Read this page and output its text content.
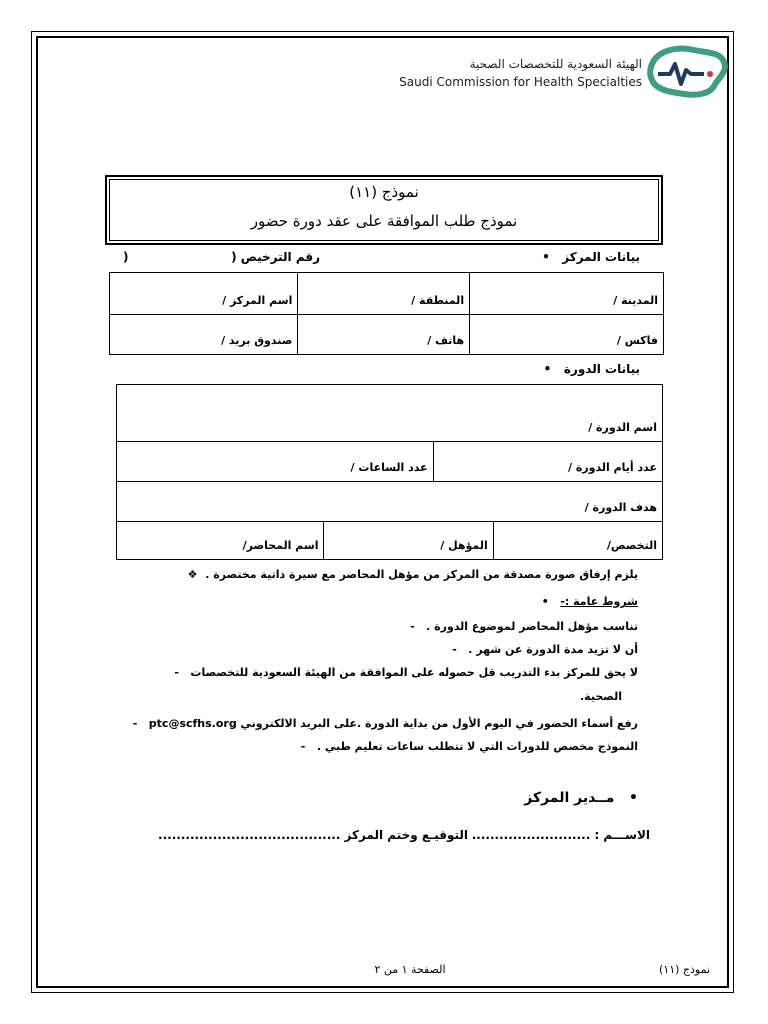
الهيئة السعودية للتخصصات الصحية
Saudi Commission for Health Specialties
نموذج (١١)
نموذج طلب الموافقة على عقد دورة حضور
بيانات المركز   •
رقم الترخيص (
)
اسم المركز /	المنطقة /	المدينة /
صندوق بريد /	هاتف /	فاكس /
بيانات الدورة   •
اسم الدورة /			
عدد الساعات /		عدد أيام الدورة /	
هدف الدورة /			
اسم المحاضر/	المؤهل /		التخصص/
يلزم إرفاق صورة مصدقة من المركز من مؤهل المحاضر مع سيرة ذاتية مختصرة .  ❖
شروط عامة :-   •
تناسب مؤهل المحاضر لموضوع الدورة .   -
أن لا تزيد مدة الدورة عن شهر .   -
لا يحق للمركز بدء التدريب قل حصوله على الموافقة من الهيئة السعودية للتخصصات   -
الصحية.
رفع أسماء الحضور في اليوم الأول من بداية الدورة .على البريد الالكتروني ptc@scfhs.org   -
النموذج مخصص للدورات التي لا تتطلب ساعات تعليم طبي .   -
•   مــدير المركز
الاســـم : ..........................
التوقيـع وختم المركز ........................................
الصفحة ١ من ٢	نموذج (١١)
